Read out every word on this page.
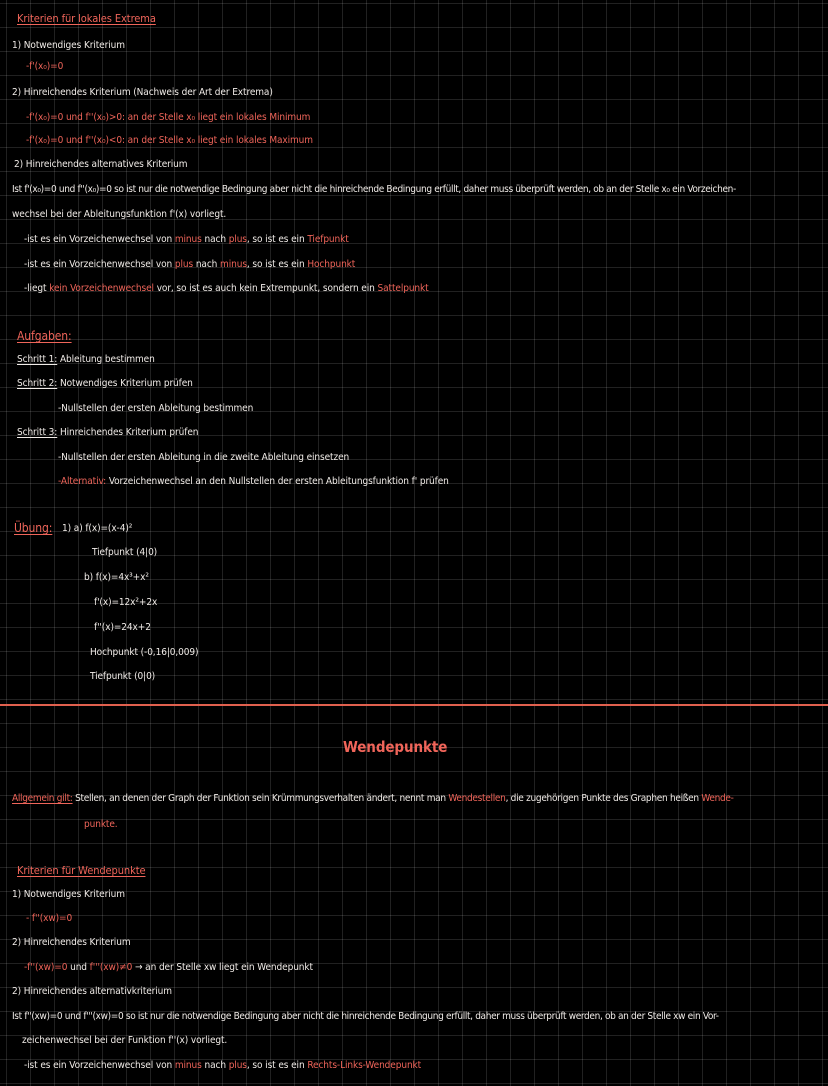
Kriterien für lokales Extrema
1) Notwendiges Kriterium
-f'(x₀)=0
2) Hinreichendes Kriterium (Nachweis der Art der Extrema)
-f'(x₀)=0 und f''(x₀)>0: an der Stelle x₀ liegt ein lokales Minimum
-f'(x₀)=0 und f''(x₀)<0: an der Stelle x₀ liegt ein lokales Maximum
2) Hinreichendes alternatives Kriterium
Ist f'(x₀)=0 und f''(x₀)=0 so ist nur die notwendige Bedingung aber nicht die hinreichende Bedingung erfüllt, daher muss überprüft werden, ob an der Stelle x₀ ein Vorzeichen-
wechsel bei der Ableitungsfunktion f'(x) vorliegt.
-ist es ein Vorzeichenwechsel von minus nach plus, so ist es ein Tiefpunkt
-ist es ein Vorzeichenwechsel von plus nach minus, so ist es ein Hochpunkt
-liegt kein Vorzeichenwechsel vor, so ist es auch kein Extrempunkt, sondern ein Sattelpunkt
Aufgaben:
Schritt 1: Ableitung bestimmen
Schritt 2: Notwendiges Kriterium prüfen
-Nullstellen der ersten Ableitung bestimmen
Schritt 3: Hinreichendes Kriterium prüfen
-Nullstellen der ersten Ableitung in die zweite Ableitung einsetzen
-Alternativ: Vorzeichenwechsel an den Nullstellen der ersten Ableitungsfunktion f' prüfen
Übung: 1) a) f(x)=(x-4)²
Tiefpunkt (4|0)
b) f(x)=4x³+x²
f'(x)=12x²+2x
f''(x)=24x+2
Hochpunkt (-0,16|0,009)
Tiefpunkt (0|0)
Wendepunkte
Allgemein gilt: Stellen, an denen der Graph der Funktion sein Krümmungsverhalten ändert, nennt man Wendestellen, die zugehörigen Punkte des Graphen heißen Wende-
punkte.
Kriterien für Wendepunkte
1) Notwendiges Kriterium
- f''(xw)=0
2) Hinreichendes Kriterium
-f''(xw)=0 und f'''(xw)≠0 → an der Stelle xw liegt ein Wendepunkt
2) Hinreichendes alternativkriterium
Ist f''(xw)=0 und f'''(xw)=0 so ist nur die notwendige Bedingung aber nicht die hinreichende Bedingung erfüllt, daher muss überprüft werden, ob an der Stelle xw ein Vor-
zeichenwechsel bei der Funktion f''(x) vorliegt.
-ist es ein Vorzeichenwechsel von minus nach plus, so ist es ein Rechts-Links-Wendepunkt
